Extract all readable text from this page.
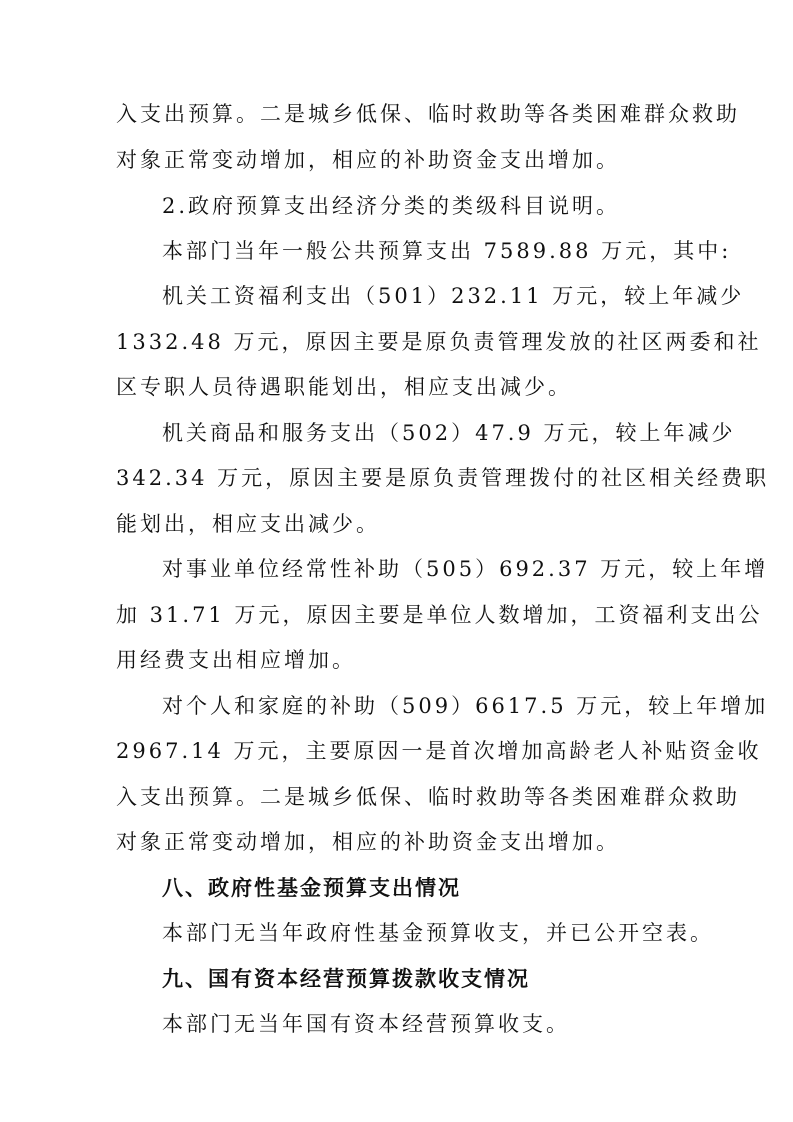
入支出预算。二是城乡低保、临时救助等各类困难群众救助
对象正常变动增加，相应的补助资金支出增加。
2.政府预算支出经济分类的类级科目说明。
本部门当年一般公共预算支出 7589.88 万元，其中:
机关工资福利支出（501）232.11 万元，较上年减少
1332.48 万元，原因主要是原负责管理发放的社区两委和社
区专职人员待遇职能划出，相应支出减少。
机关商品和服务支出（502）47.9 万元，较上年减少
342.34 万元，原因主要是原负责管理拨付的社区相关经费职
能划出，相应支出减少。
对事业单位经常性补助（505）692.37 万元，较上年增
加 31.71 万元，原因主要是单位人数增加，工资福利支出公
用经费支出相应增加。
对个人和家庭的补助（509）6617.5 万元，较上年增加
2967.14 万元，主要原因一是首次增加高龄老人补贴资金收
入支出预算。二是城乡低保、临时救助等各类困难群众救助
对象正常变动增加，相应的补助资金支出增加。
八、政府性基金预算支出情况
本部门无当年政府性基金预算收支，并已公开空表。
九、国有资本经营预算拨款收支情况
本部门无当年国有资本经营预算收支。
